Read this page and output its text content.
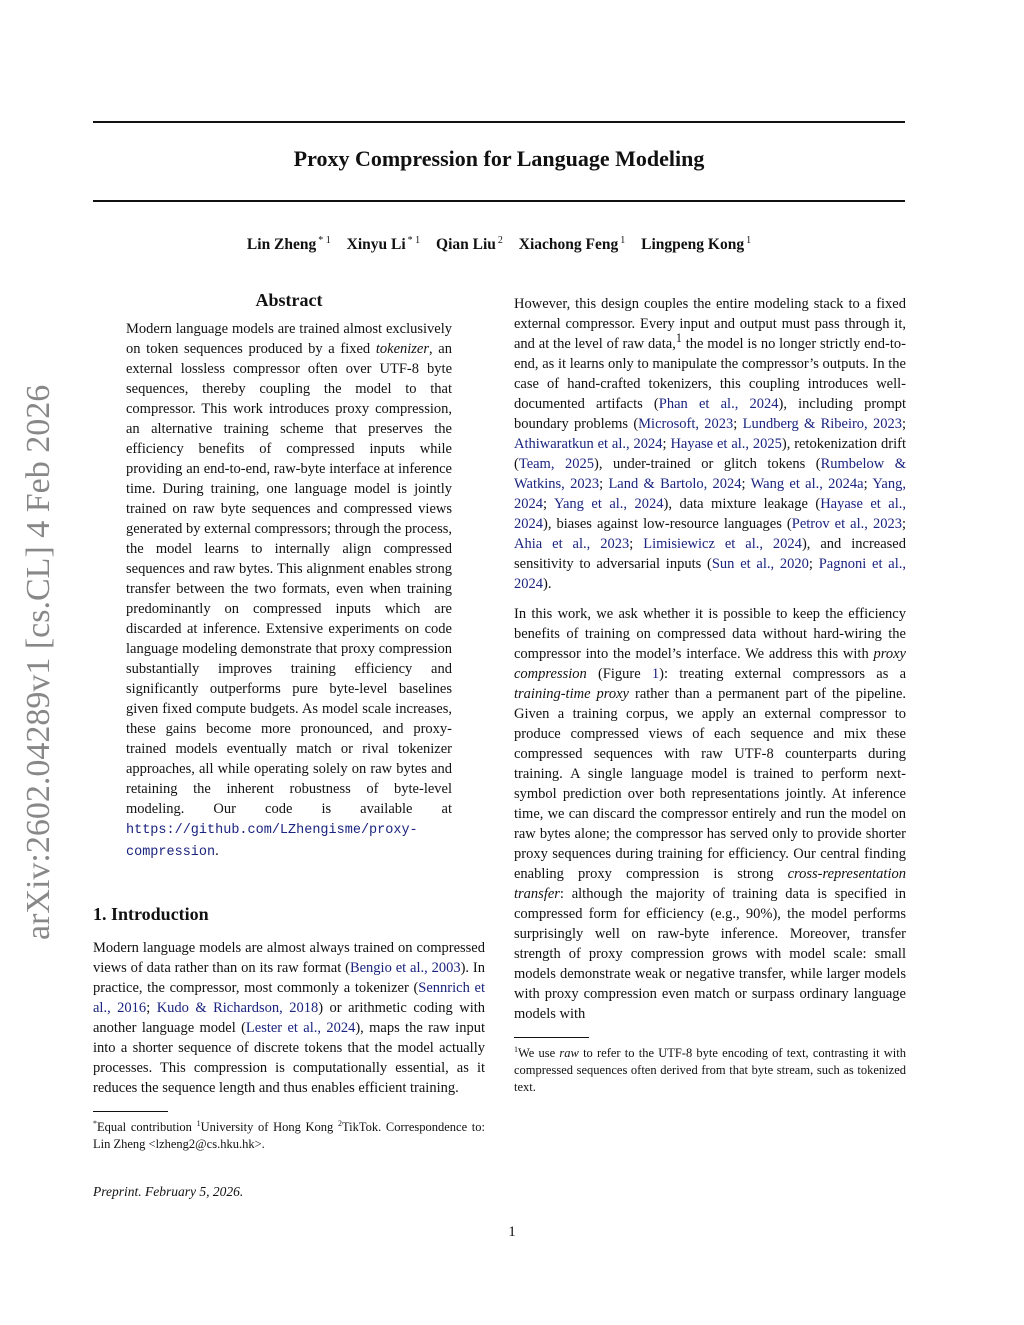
Proxy Compression for Language Modeling
Lin Zheng $^{* 1}$ Xinyu Li $^{* 1}$ Qian Liu $^2$ Xiachong Feng $^1$ Lingpeng Kong $^1$
arXiv:2602.04289v1 [cs.CL] 4 Feb 2026
Abstract

Modern language models are trained almost exclusively on token sequences produced by a fixed tokenizer, an external lossless compressor often over UTF-8 byte sequences, thereby coupling the model to that compressor. This work introduces proxy compression, an alternative training scheme that preserves the efficiency benefits of compressed inputs while providing an end-to-end, raw-byte interface at inference time. During training, one language model is jointly trained on raw byte sequences and compressed views generated by external compressors; through the process, the model learns to internally align compressed sequences and raw bytes. This alignment enables strong transfer between the two formats, even when training predominantly on compressed inputs which are discarded at inference. Extensive experiments on code language modeling demonstrate that proxy compression substantially improves training efficiency and significantly outperforms pure byte-level baselines given fixed compute budgets. As model scale increases, these gains become more pronounced, and proxy-trained models eventually match or rival tokenizer approaches, all while operating solely on raw bytes and retaining the inherent robustness of byte-level modeling. Our code is available at https://github.com/LZhengisme/proxy-compression.

1. Introduction

Modern language models are almost always trained on compressed views of data rather than on its raw format (Bengio et al., 2003). In practice, the compressor, most commonly a tokenizer (Sennrich et al., 2016; Kudo & Richardson, 2018) or arithmetic coding with another language model (Lester et al., 2024), maps the raw input into a shorter sequence of discrete tokens that the model actually processes. This compression is computationally essential, as it reduces the sequence length and thus enables efficient training.

*Equal contribution $^1$University of Hong Kong $^2$TikTok. Correspondence to: Lin Zheng <lzheng2@cs.hku.hk>.

However, this design couples the entire modeling stack to a fixed external compressor. Every input and output must pass through it, and at the level of raw data,$^1$ the model is no longer strictly end-to-end, as it learns only to manipulate the compressor’s outputs. In the case of hand-crafted tokenizers, this coupling introduces well-documented artifacts (Phan et al., 2024), including prompt boundary problems (Microsoft, 2023; Lundberg & Ribeiro, 2023; Athiwaratkun et al., 2024; Hayase et al., 2025), retokenization drift (Team, 2025), under-trained or glitch tokens (Rumbelow & Watkins, 2023; Land & Bartolo, 2024; Wang et al., 2024a; Yang, 2024; Yang et al., 2024), data mixture leakage (Hayase et al., 2024), biases against low-resource languages (Petrov et al., 2023; Ahia et al., 2023; Limisiewicz et al., 2024), and increased sensitivity to adversarial inputs (Sun et al., 2020; Pagnoni et al., 2024).

In this work, we ask whether it is possible to keep the efficiency benefits of training on compressed data without hard-wiring the compressor into the model’s interface. We address this with proxy compression (Figure 1): treating external compressors as a training-time proxy rather than a permanent part of the pipeline. Given a training corpus, we apply an external compressor to produce compressed views of each sequence and mix these compressed sequences with raw UTF-8 counterparts during training. A single language model is trained to perform next-symbol prediction over both representations jointly. At inference time, we can discard the compressor entirely and run the model on raw bytes alone; the compressor has served only to provide shorter proxy sequences during training for efficiency. Our central finding enabling proxy compression is strong cross-representation transfer: although the majority of training data is specified in compressed form for efficiency (e.g., 90%), the model performs surprisingly well on raw-byte inference. Moreover, transfer strength of proxy compression grows with model scale: small models demonstrate weak or negative transfer, while larger models with proxy compression even match or surpass ordinary language models with

$^1$We use raw to refer to the UTF-8 byte encoding of text, contrasting it with compressed sequences often derived from that byte stream, such as tokenized text.

Preprint. February 5, 2026.
1
